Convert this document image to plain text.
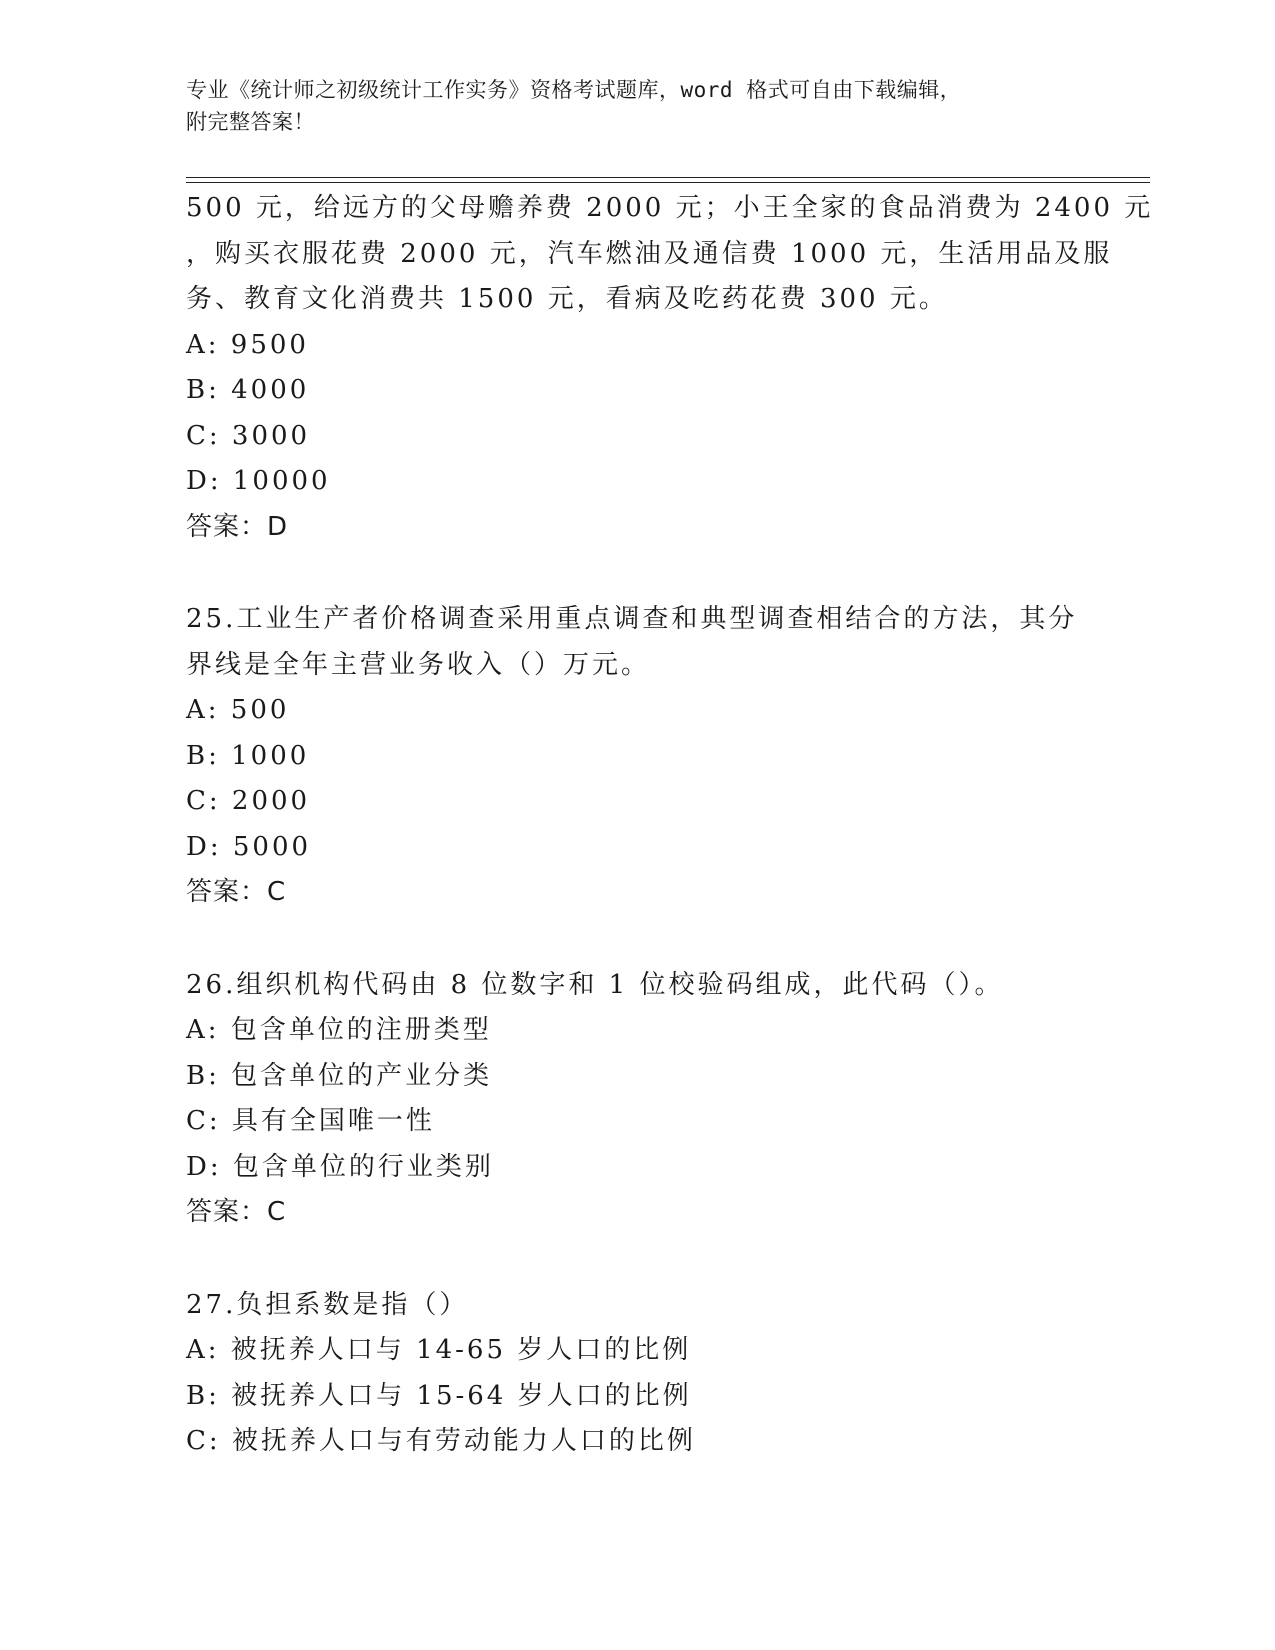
专业《统计师之初级统计工作实务》资格考试题库，word 格式可自由下载编辑，
附完整答案！
500 元，给远方的父母赡养费 2000 元；小王全家的食品消费为 2400 元
，购买衣服花费 2000 元，汽车燃油及通信费 1000 元，生活用品及服
务、教育文化消费共 1500 元，看病及吃药花费 300 元。
A: 9500
B: 4000
C: 3000
D: 10000
答案：D
25.工业生产者价格调查采用重点调查和典型调查相结合的方法，其分
界线是全年主营业务收入（）万元。
A: 500
B: 1000
C: 2000
D: 5000
答案：C
26.组织机构代码由 8 位数字和 1 位校验码组成，此代码（）。
A: 包含单位的注册类型
B: 包含单位的产业分类
C: 具有全国唯一性
D: 包含单位的行业类别
答案：C
27.负担系数是指（）
A: 被抚养人口与 14-65 岁人口的比例
B: 被抚养人口与 15-64 岁人口的比例
C: 被抚养人口与有劳动能力人口的比例
